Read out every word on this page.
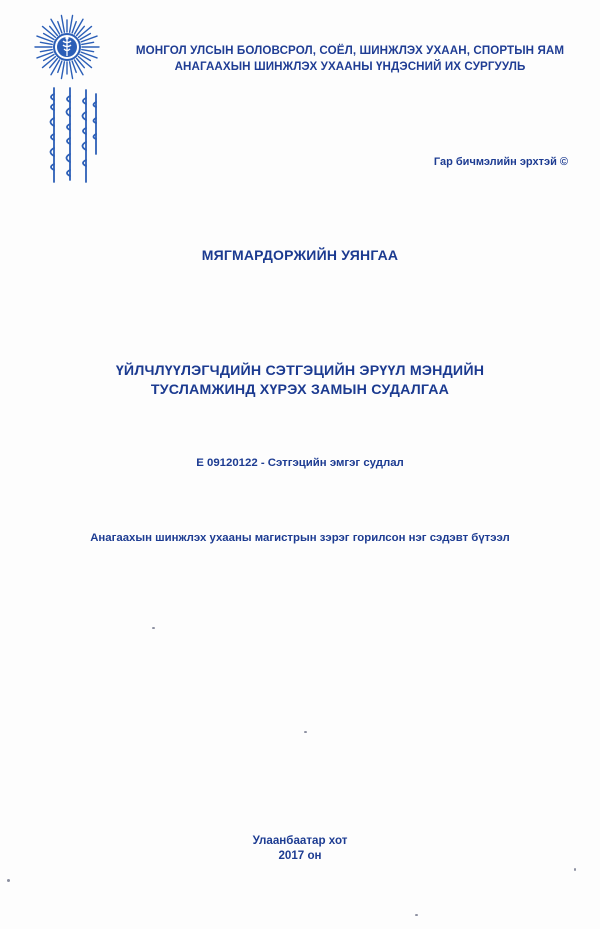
МОНГОЛ УЛСЫН БОЛОВСРОЛ, СОЁЛ, ШИНЖЛЭХ УХААН, СПОРТЫН ЯАМ
АНАГААХЫН ШИНЖЛЭХ УХААНЫ ҮНДЭСНИЙ ИХ СУРГУУЛЬ
Гар бичмэлийн эрхтэй ©
МЯГМАРДОРЖИЙН УЯНГАА
ҮЙЛЧЛҮҮЛЭГЧДИЙН СЭТГЭЦИЙН ЭРҮҮЛ МЭНДИЙН
ТУСЛАМЖИНД ХҮРЭХ ЗАМЫН СУДАЛГАА
E 09120122 - Сэтгэцийн эмгэг судлал
Анагаахын шинжлэх ухааны магистрын зэрэг горилсон нэг сэдэвт бүтээл
Улаанбаатар хот
2017 он
